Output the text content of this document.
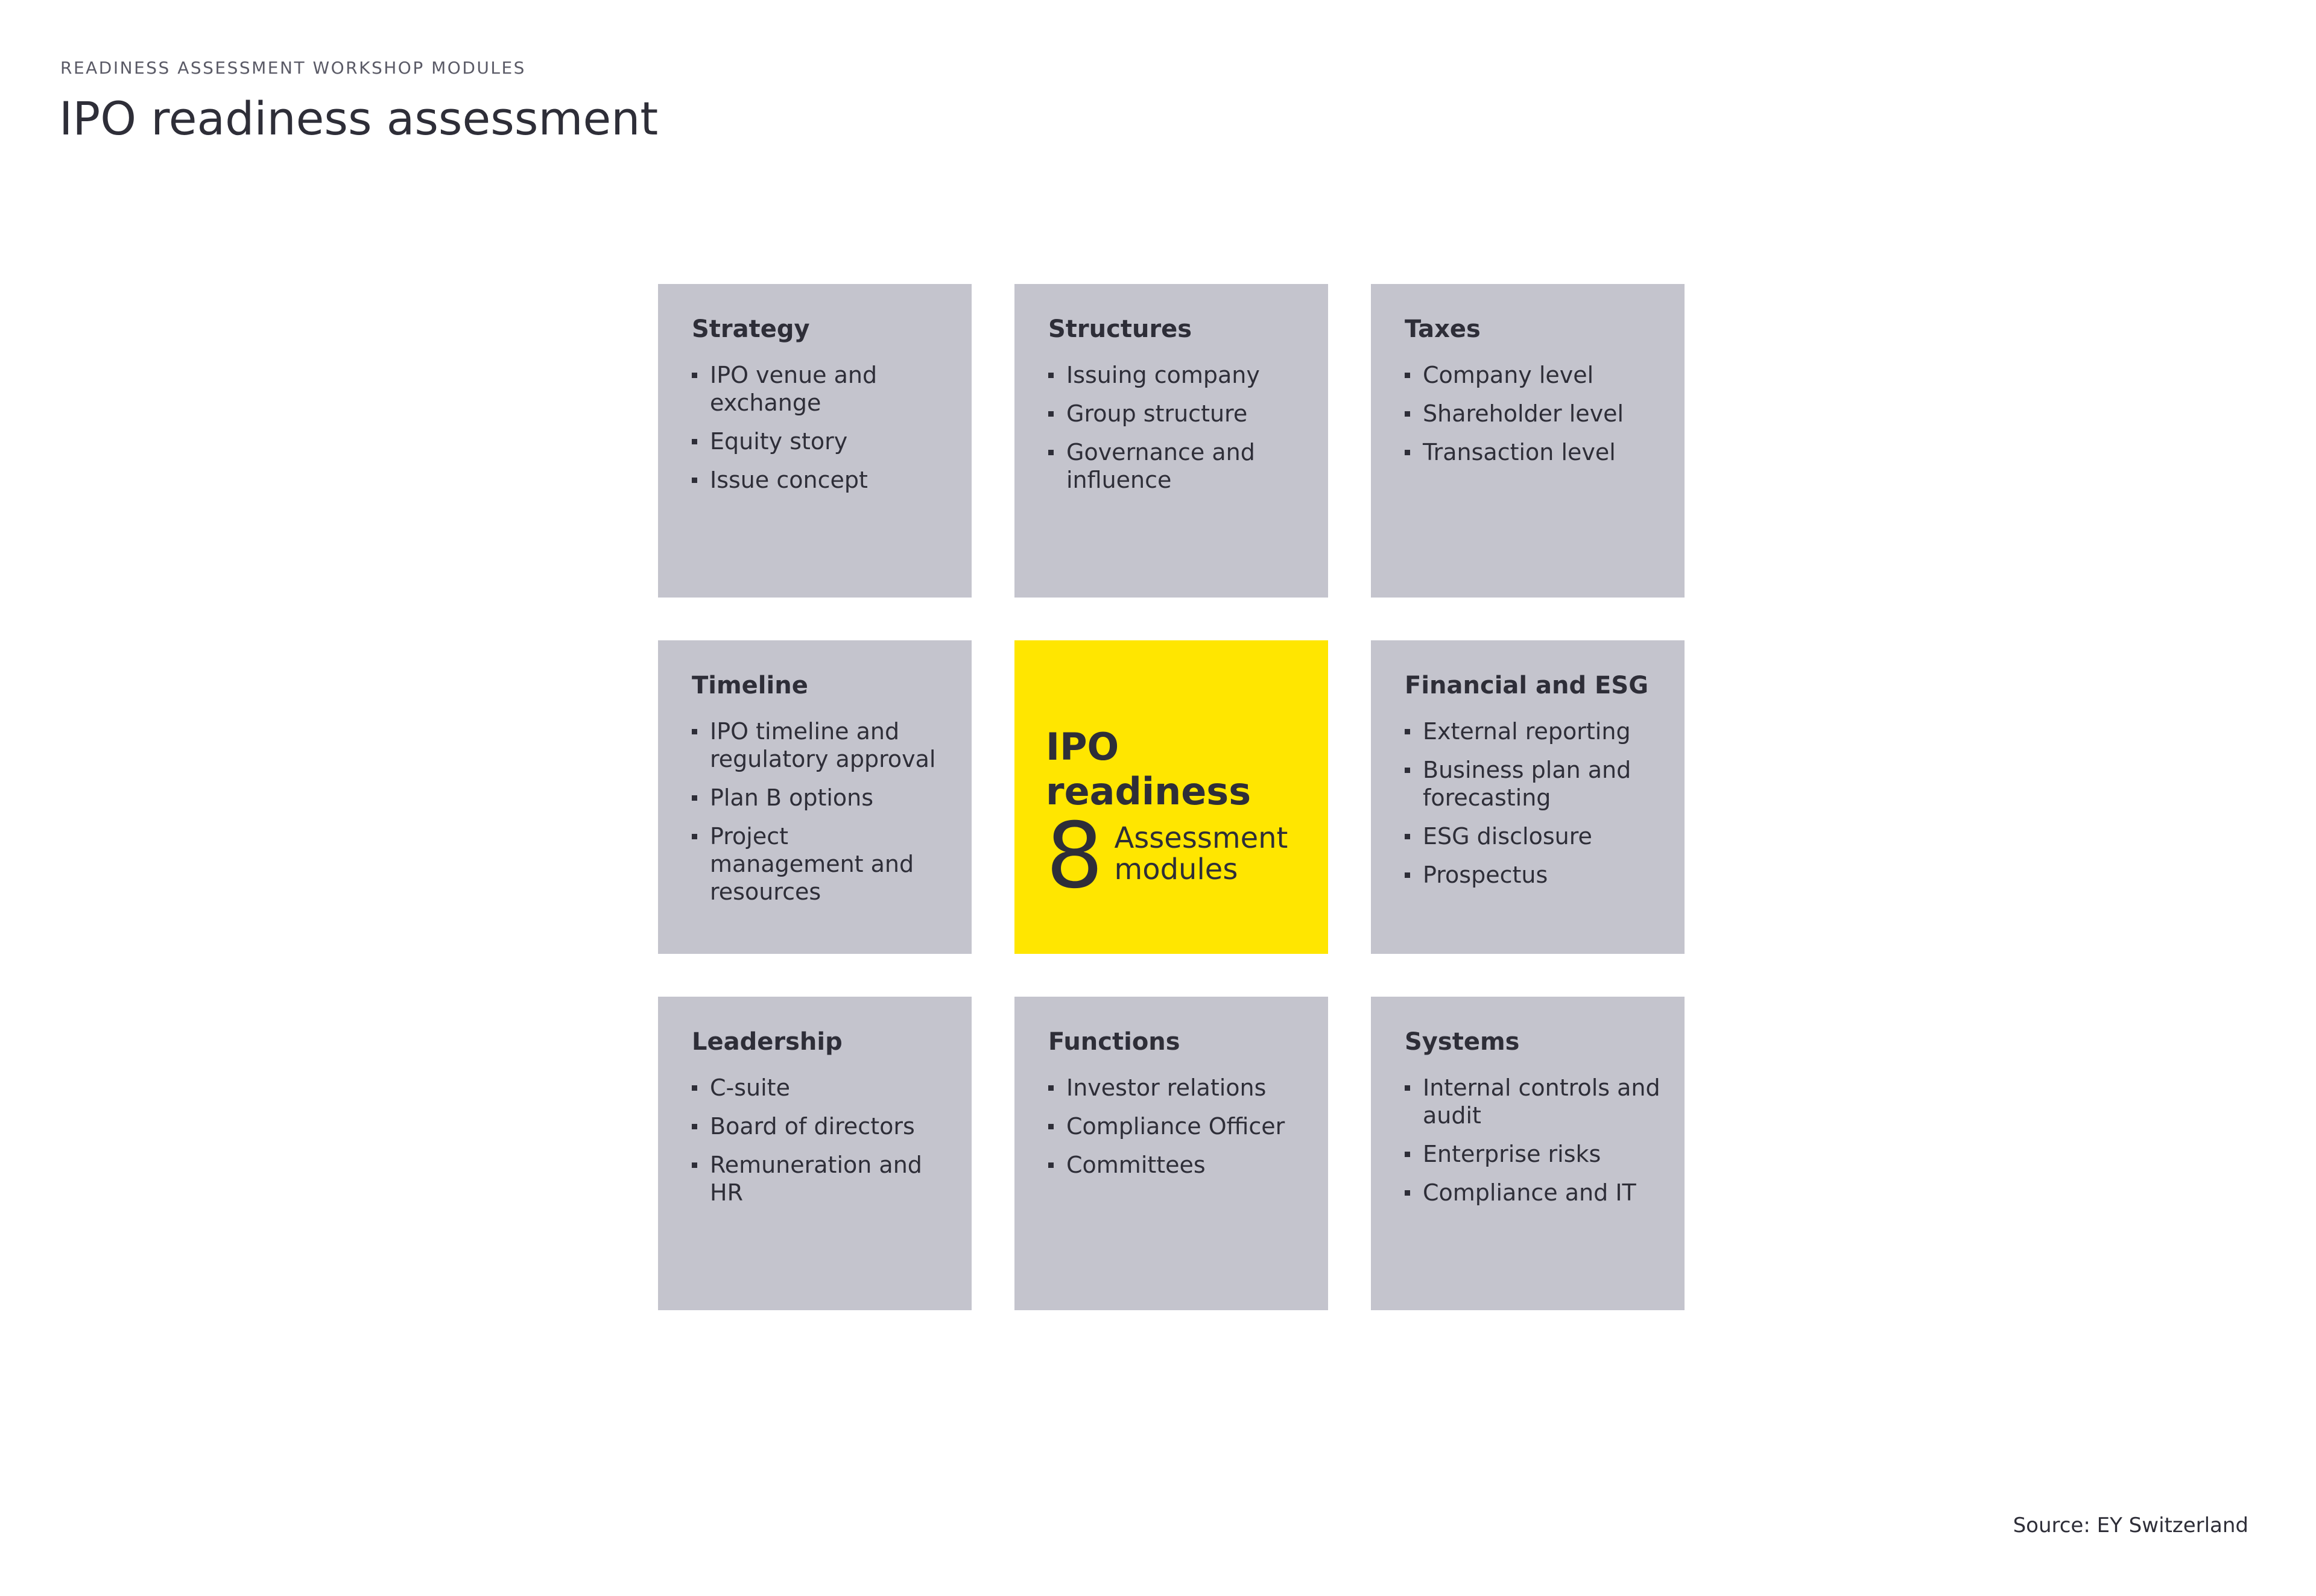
READINESS ASSESSMENT WORKSHOP MODULES
IPO readiness assessment
Strategy
IPO venue and exchange
Equity story
Issue concept
Structures
Issuing company
Group structure
Governance and influence
Taxes
Company level
Shareholder level
Transaction level
Timeline
IPO timeline and regulatory approval
Plan B options
Project management and resources
IPO readiness
8 Assessment modules
Financial and ESG
External reporting
Business plan and forecasting
ESG disclosure
Prospectus
Leadership
C-suite
Board of directors
Remuneration and HR
Functions
Investor relations
Compliance Officer
Committees
Systems
Internal controls and audit
Enterprise risks
Compliance and IT
Source: EY Switzerland
